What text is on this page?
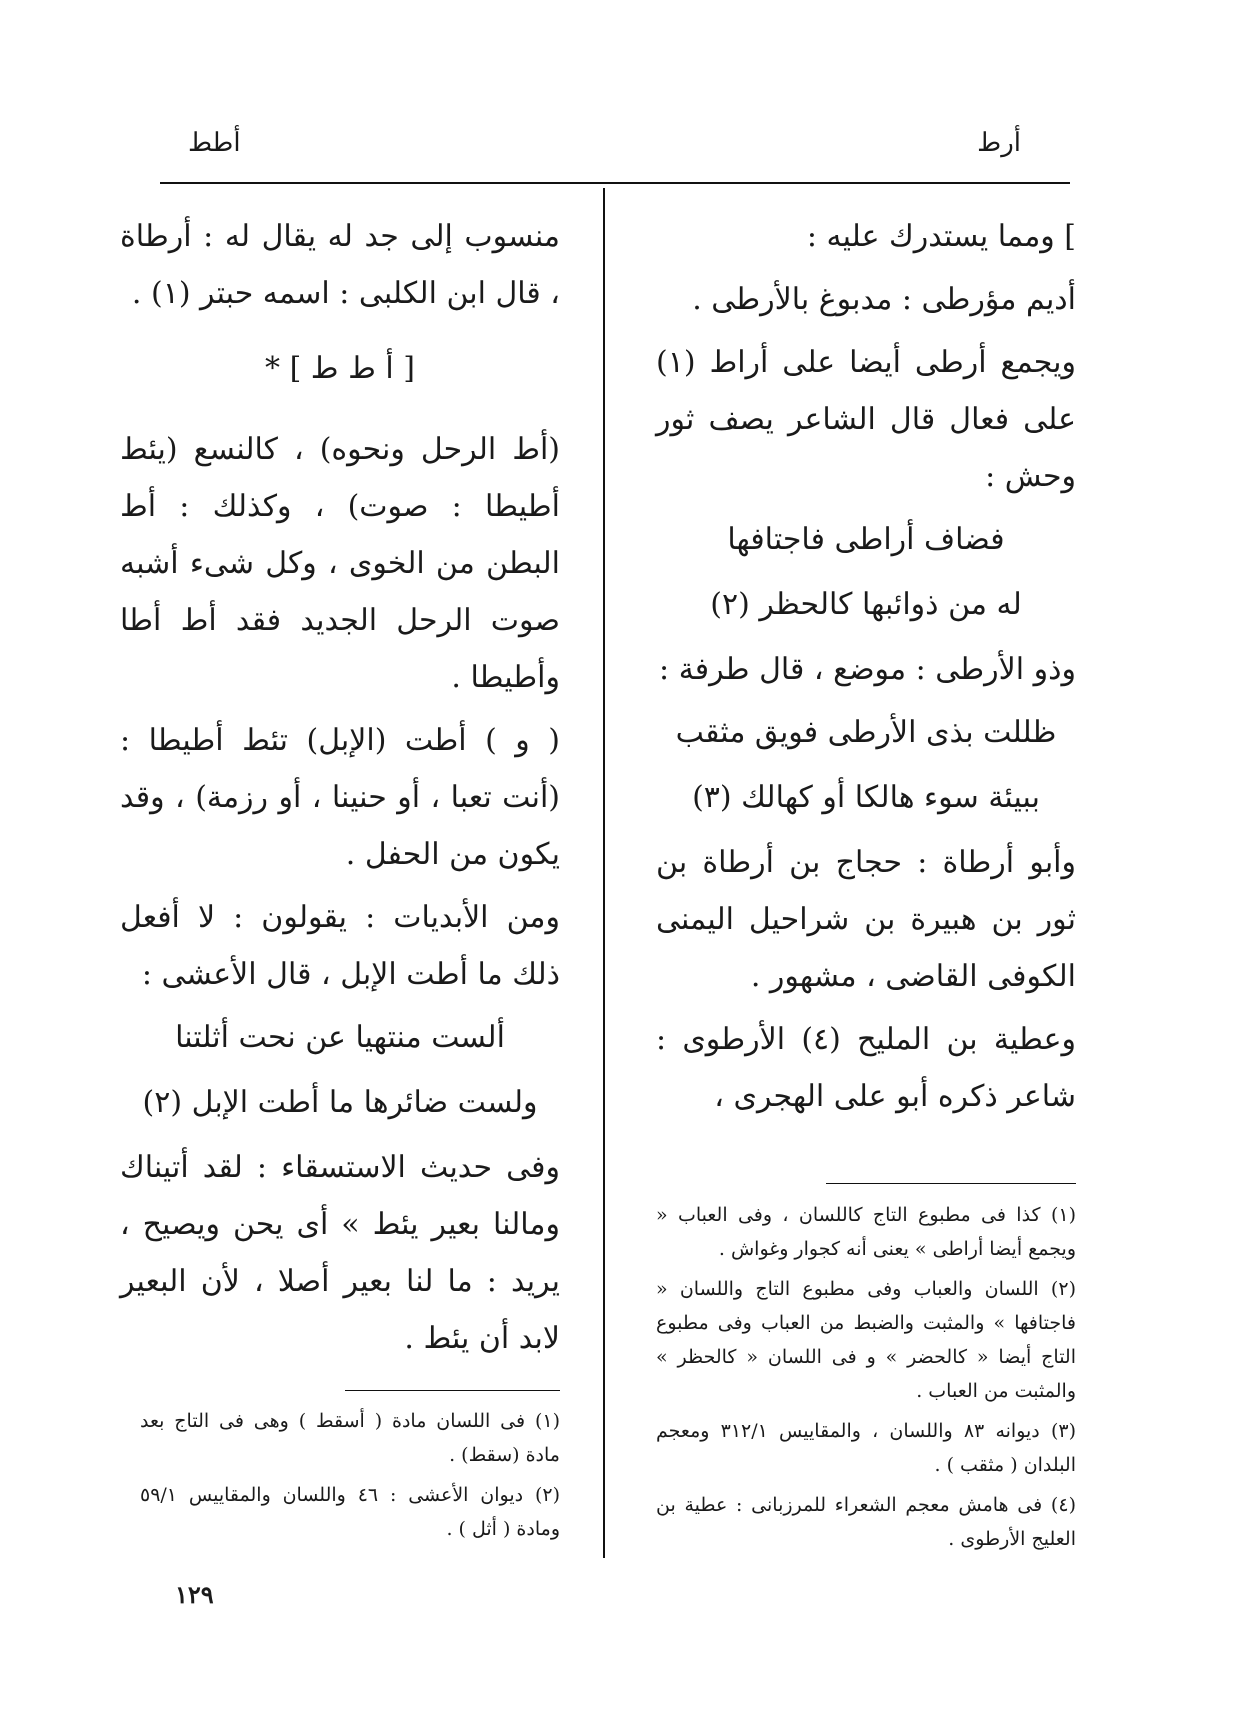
أرط
أطط

] ومما يستدرك عليه :

أديم مؤرطى : مدبوغ بالأرطى .

ويجمع أرطى أيضا على أراط (١) على فعال قال الشاعر يصف ثور وحش :

فضاف أراطى فاجتافها

له من ذوائبها كالحظر (٢)

وذو الأرطى : موضع ، قال طرفة :

ظللت بذى الأرطى فويق مثقب

ببيئة سوء هالكا أو كهالك (٣)

وأبو أرطاة : حجاج بن أرطاة بن ثور بن هبيرة بن شراحيل اليمنى الكوفى القاضى ، مشهور .

وعطية بن المليح (٤) الأرطوى : شاعر ذكره أبو على الهجرى ،

(١) كذا فى مطبوع التاج كاللسان ، وفى العباب « ويجمع أيضا أراطى » يعنى أنه كجوار وغواش .

(٢) اللسان والعباب وفى مطبوع التاج واللسان « فاجتافها » والمثبت والضبط من العباب وفى مطبوع التاج أيضا « كالحضر » و فى اللسان « كالحظر » والمثبت من العباب .

(٣) ديوانه ٨٣ واللسان ، والمقاييس ٣١٢/١ ومعجم البلدان ( مثقب ) .

(٤) فى هامش معجم الشعراء للمرزبانى : عطية بن العليج الأرطوى .

منسوب إلى جد له يقال له : أرطاة ، قال ابن الكلبى : اسمه حبتر (١) .

[ أ ط ط ] *

(أط الرحل ونحوه) ، كالنسع (يئط أطيطا : صوت) ، وكذلك : أط البطن من الخوى ، وكل شىء أشبه صوت الرحل الجديد فقد أط أطا وأطيطا .

( و ) أطت (الإبل) تئط أطيطا : (أنت تعبا ، أو حنينا ، أو رزمة) ، وقد يكون من الحفل .

ومن الأبديات : يقولون : لا أفعل ذلك ما أطت الإبل ، قال الأعشى :

ألست منتهيا عن نحت أثلتنا

ولست ضائرها ما أطت الإبل (٢)

وفى حديث الاستسقاء : لقد أتيناك ومالنا بعير يئط » أى يحن ويصيح ، يريد : ما لنا بعير أصلا ، لأن البعير لابد أن يئط .

(١) فى اللسان مادة ( أسقط ) وهى فى التاج بعد مادة (سقط) .

(٢) ديوان الأعشى : ٤٦ واللسان والمقاييس ٥٩/١ ومادة ( أثل ) .

١٢٩
